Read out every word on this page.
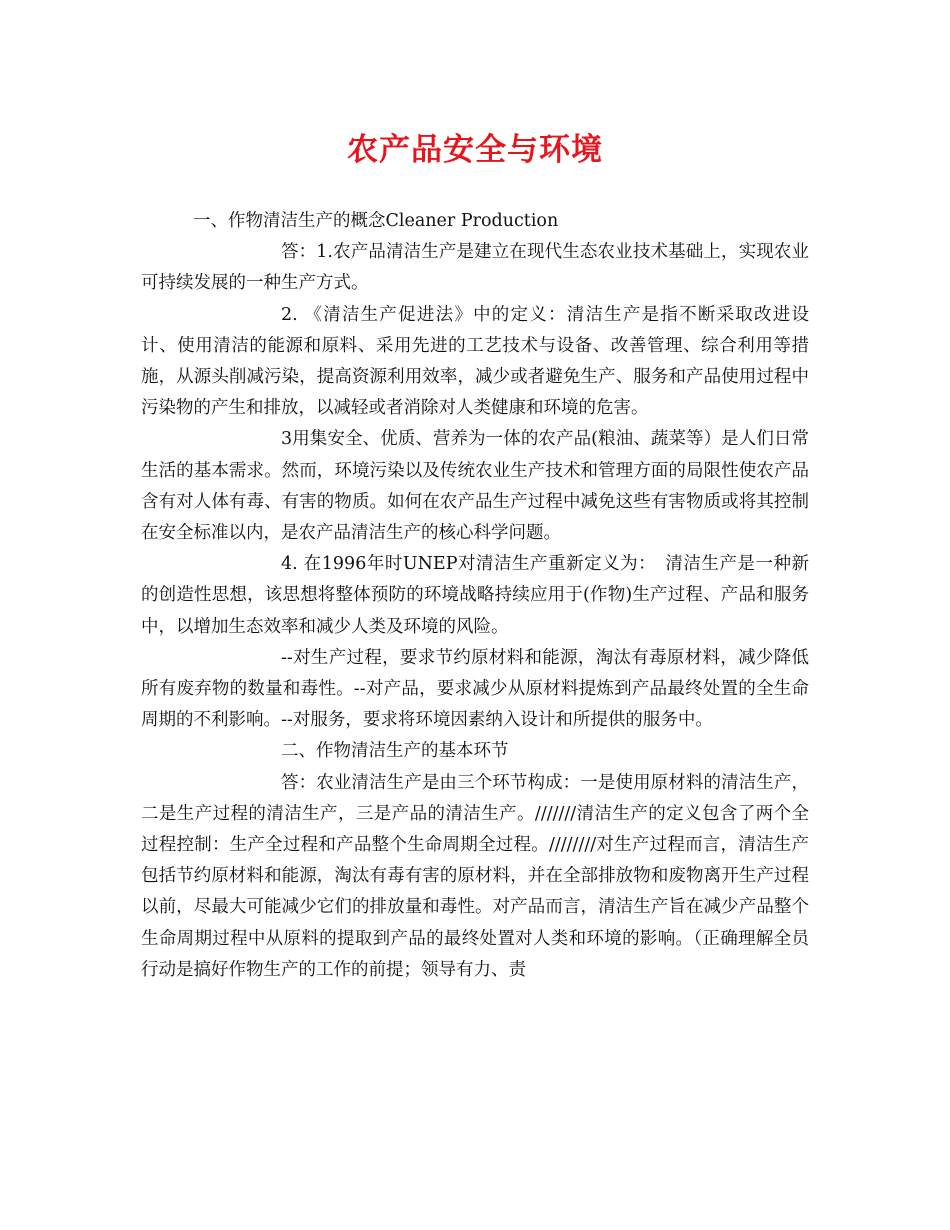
农产品安全与环境

一、作物清洁生产的概念Cleaner Production

答：1.农产品清洁生产是建立在现代生态农业技术基础上，实现农业可持续发展的一种生产方式。

2. 《清洁生产促进法》中的定义：清洁生产是指不断采取改进设计、使用清洁的能源和原料、采用先进的工艺技术与设备、改善管理、综合利用等措施，从源头削减污染，提高资源利用效率，减少或者避免生产、服务和产品使用过程中污染物的产生和排放，以减轻或者消除对人类健康和环境的危害。

3用集安全、优质、营养为一体的农产品(粮油、蔬菜等）是人们日常生活的基本需求。然而，环境污染以及传统农业生产技术和管理方面的局限性使农产品含有对人体有毒、有害的物质。如何在农产品生产过程中减免这些有害物质或将其控制在安全标准以内，是农产品清洁生产的核心科学问题。

4. 在1996年时UNEP对清洁生产重新定义为：　清洁生产是一种新的创造性思想，该思想将整体预防的环境战略持续应用于(作物)生产过程、产品和服务中，以增加生态效率和减少人类及环境的风险。

--对生产过程，要求节约原材料和能源，淘汰有毒原材料，减少降低所有废弃物的数量和毒性。--对产品，要求减少从原材料提炼到产品最终处置的全生命周期的不利影响。--对服务，要求将环境因素纳入设计和所提供的服务中。

二、作物清洁生产的基本环节

答：农业清洁生产是由三个环节构成：一是使用原材料的清洁生产，二是生产过程的清洁生产，三是产品的清洁生产。///////清洁生产的定义包含了两个全过程控制：生产全过程和产品整个生命周期全过程。////////对生产过程而言，清洁生产包括节约原材料和能源，淘汰有毒有害的原材料，并在全部排放物和废物离开生产过程以前，尽最大可能减少它们的排放量和毒性。对产品而言，清洁生产旨在减少产品整个生命周期过程中从原料的提取到产品的最终处置对人类和环境的影响。（正确理解全员行动是搞好作物生产的工作的前提；领导有力、责
